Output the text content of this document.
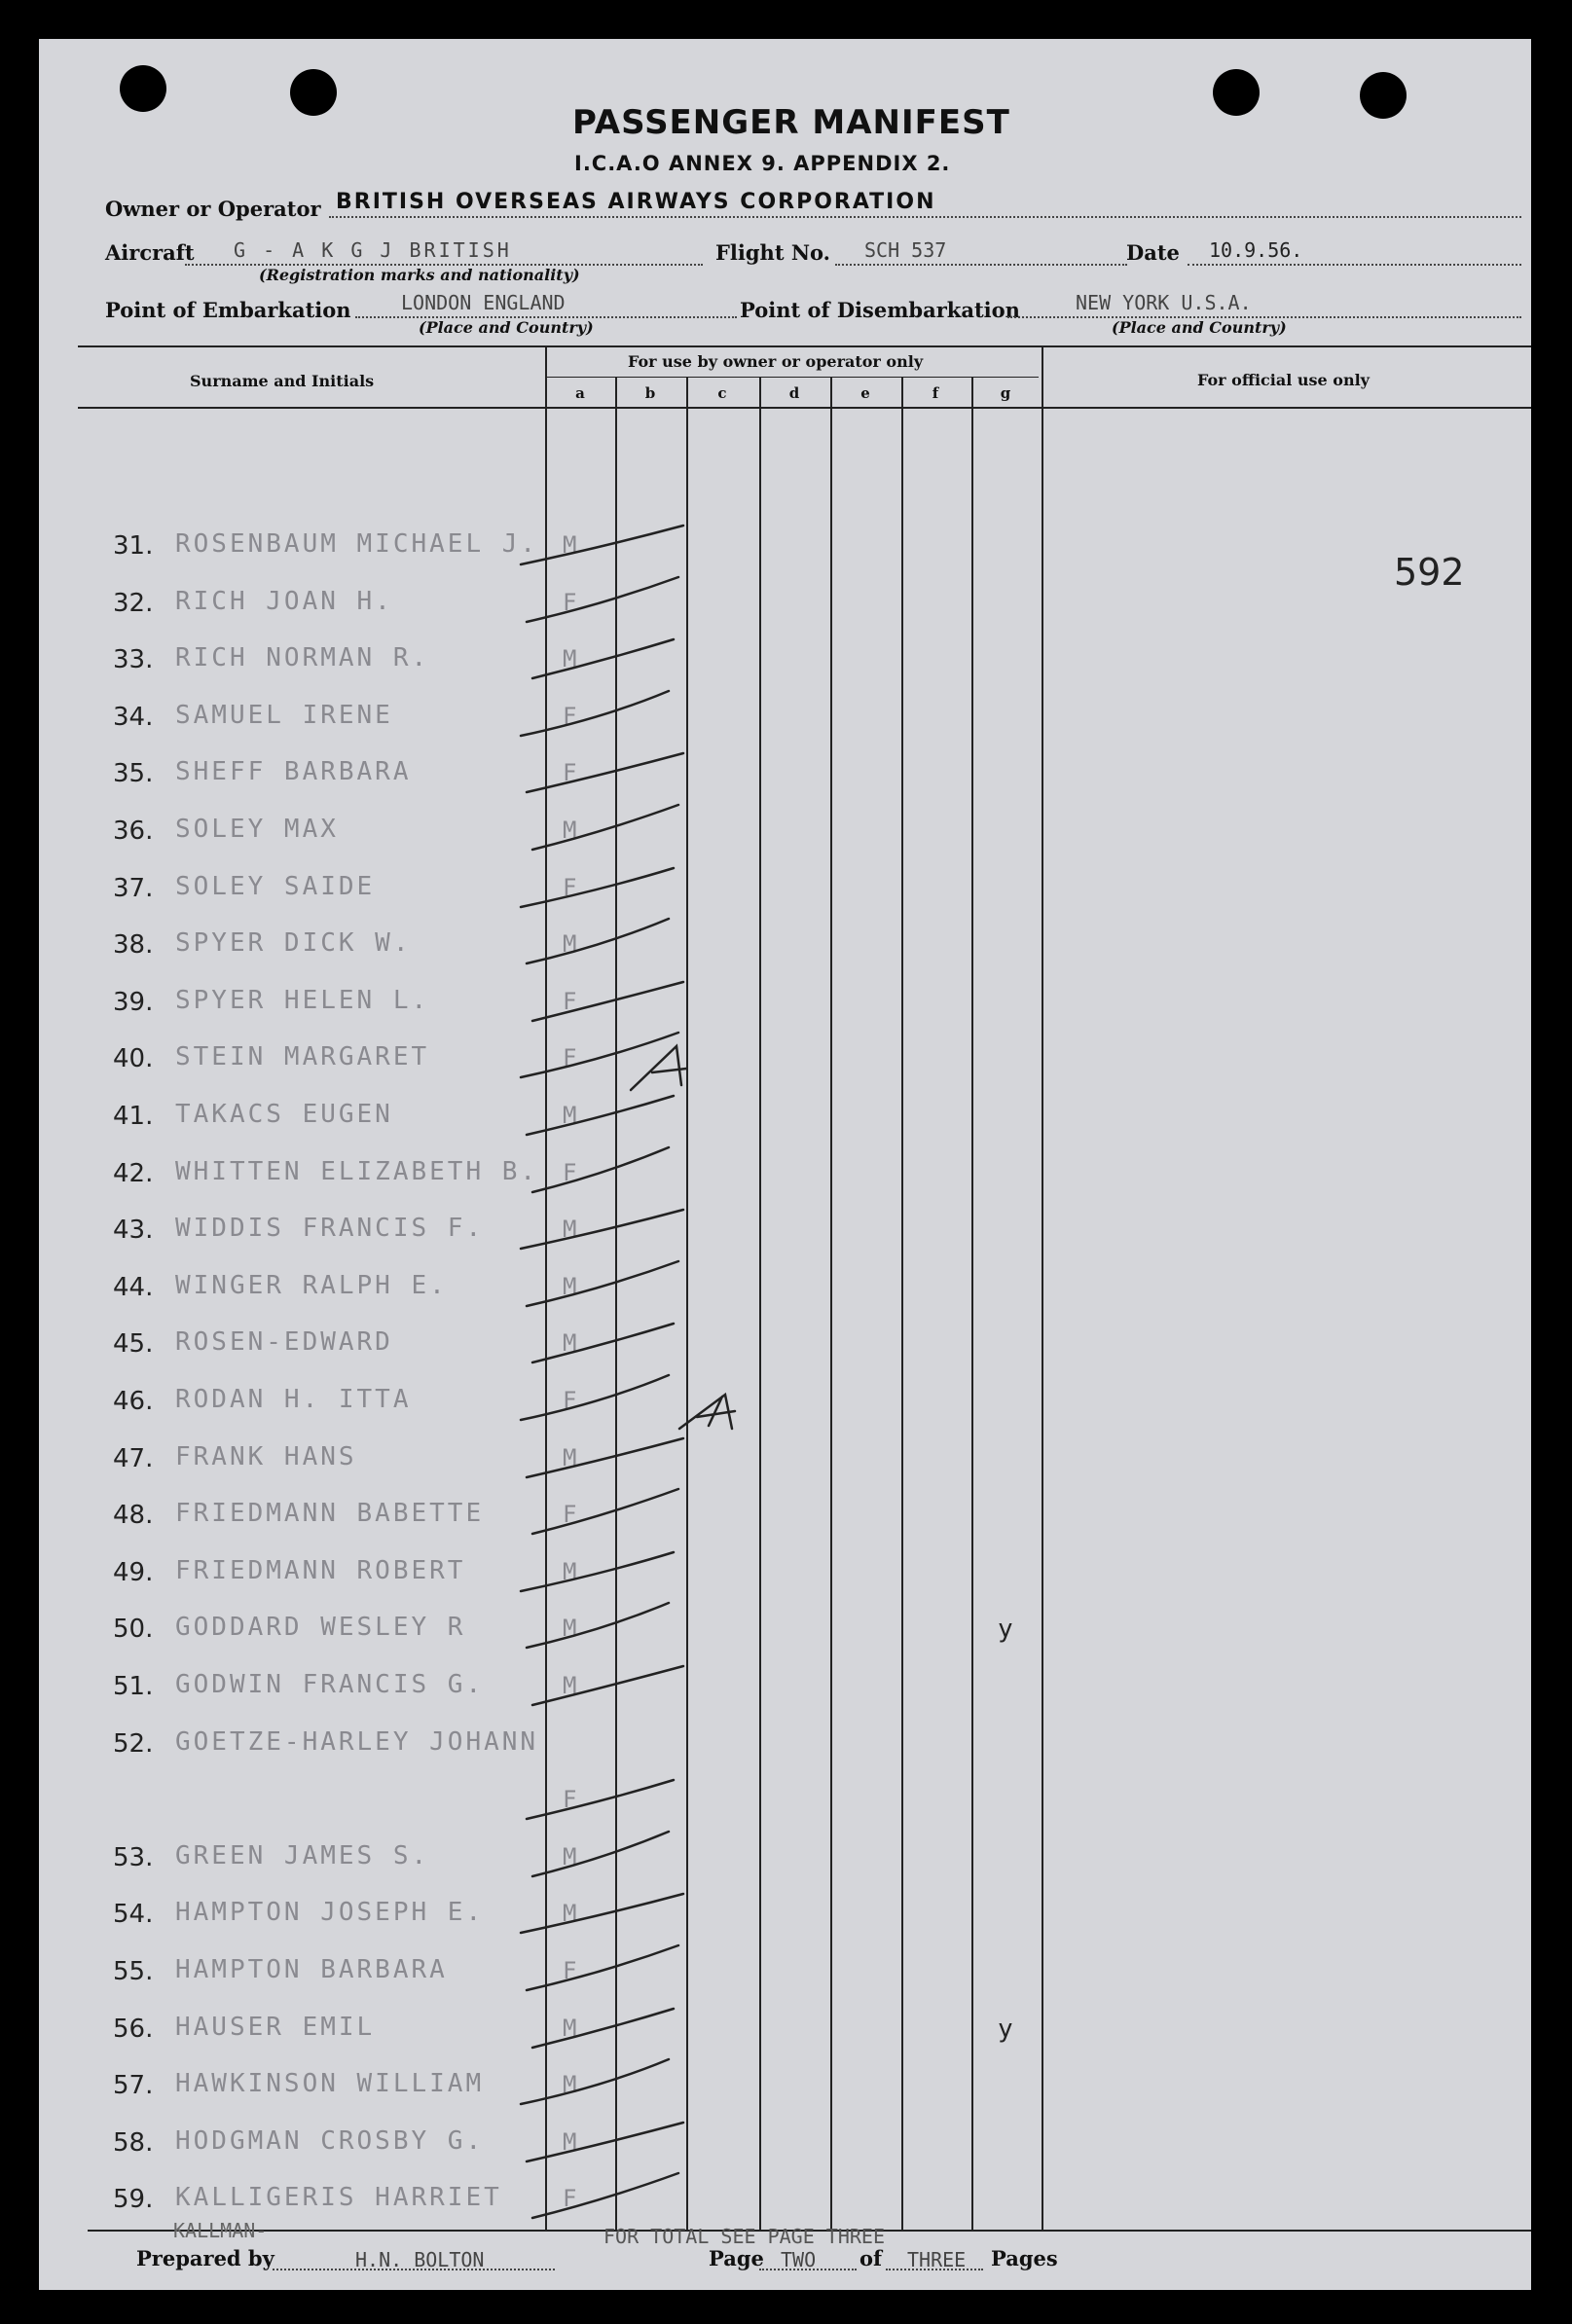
PASSENGER MANIFEST
I.C.A.O ANNEX 9. APPENDIX 2.
Owner or Operator BRITISH OVERSEAS AIRWAYS CORPORATION
Aircraft G - A K G J BRITISH
(Registration marks and nationality)
Flight No. SCH 537	Date 10.9.56.
Point of Embarkation	LONDON ENGLAND
(Place and Country)
Point of Disembarkation	NEW YORK U.S.A.
(Place and Country)
Surname and Initials
For use by owner or operator only
For official use only
a	b	c	d	e	f	g
592
31. ROSENBAUM MICHAEL J. M
32. RICH JOAN H.	F
33. RICH NORMAN R.	M
34. SAMUEL IRENE	F
35. SHEFF BARBARA	F
36. SOLEY MAX	M
37. SOLEY SAIDE	F
38. SPYER DICK W.	M
39. SPYER HELEN L.	F
40. STEIN MARGARET	F
41. TAKACS EUGEN	M
42. WHITTEN ELIZABETH B. F
43. WIDDIS FRANCIS F.	M
44. WINGER RALPH E.	M
45. ROSEN-EDWARD	M
46. RODAN H. ITTA	F
47. FRANK HANS	M
48. FRIEDMANN BABETTE	F
49. FRIEDMANN ROBERT	M
50. GODDARD WESLEY R	M	y
51. GODWIN FRANCIS G.	M
52. GOETZE-HARLEY JOHANN
F
53. GREEN JAMES S.	M
54. HAMPTON JOSEPH E.	M
55. HAMPTON BARBARA	F
56. HAUSER EMIL	M	y
57. HAWKINSON WILLIAM	M
58. HODGMAN CROSBY G.	M
59. KALLIGERIS HARRIET	F
KALLMAN-	FOR TOTAL SEE PAGE THREE
Prepared by	H.N. BOLTON	Page TWO of THREE Pages
